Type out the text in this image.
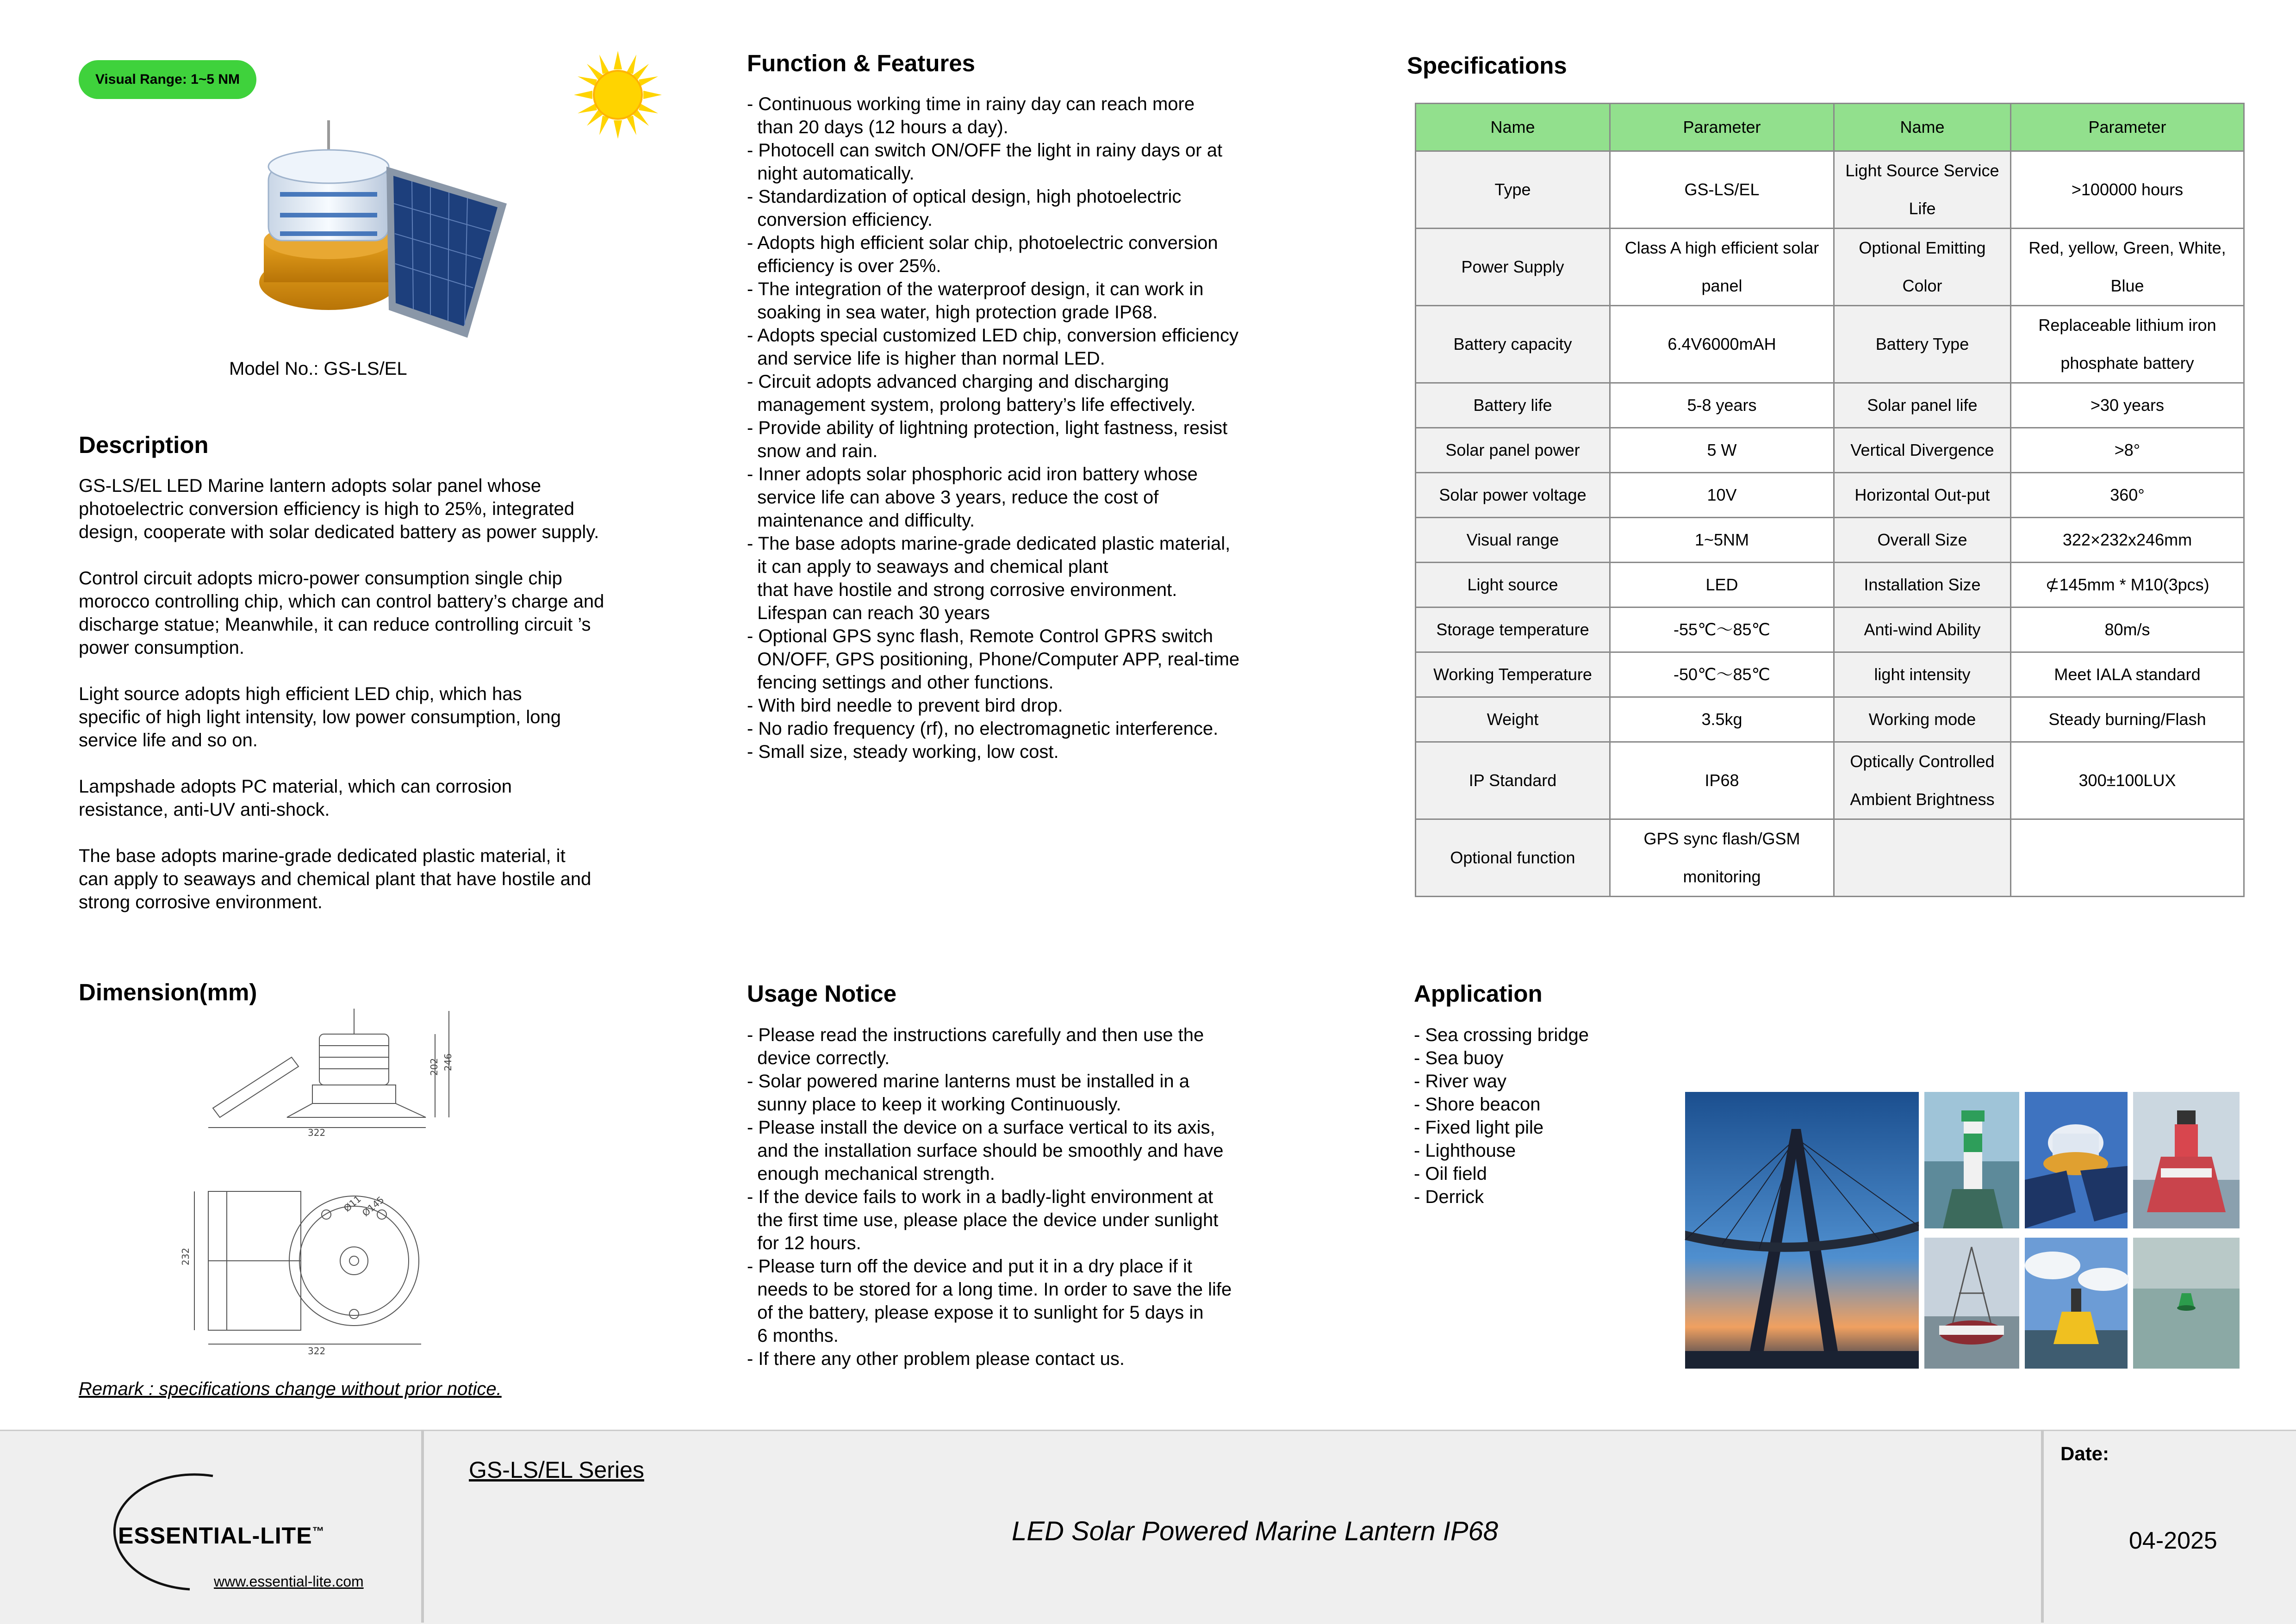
Visual Range: 1~5 NM
Model No.: GS-LS/EL
Description
GS-LS/EL LED Marine lantern adopts solar panel whose
photoelectric conversion efficiency is high to 25%, integrated
design, cooperate with solar dedicated battery as power supply.
Control circuit adopts micro-power consumption single chip
morocco controlling chip, which can control battery’s charge and
discharge statue; Meanwhile, it can reduce controlling circuit ’s
power consumption.
Light source adopts high efficient LED chip, which has
specific of high light intensity, low power consumption, long
service life and so on.
Lampshade adopts PC material, which can corrosion
resistance, anti-UV anti-shock.
The base adopts marine-grade dedicated plastic material, it
can apply to seaways and chemical plant that have hostile and
strong corrosive environment.
Function & Features
- Continuous working time in rainy day can reach more
than 20 days (12 hours a day).
- Photocell can switch ON/OFF the light in rainy days or at
night automatically.
- Standardization of optical design, high photoelectric
conversion efficiency.
- Adopts high efficient solar chip, photoelectric conversion
efficiency is over 25%.
- The integration of the waterproof design, it can work in
soaking in sea water, high protection grade IP68.
- Adopts special customized LED chip, conversion efficiency
and service life is higher than normal LED.
- Circuit adopts advanced charging and discharging
management system, prolong battery’s life effectively.
- Provide ability of lightning protection, light fastness, resist
snow and rain.
- Inner adopts solar phosphoric acid iron battery whose
service life can above 3 years, reduce the cost of
maintenance and difficulty.
- The base adopts marine-grade dedicated plastic material,
it can apply to seaways and chemical plant
that have hostile and strong corrosive environment.
Lifespan can reach 30 years
- Optional GPS sync flash, Remote Control GPRS switch
ON/OFF, GPS positioning, Phone/Computer APP, real-time
fencing settings and other functions.
- With bird needle to prevent bird drop.
- No radio frequency (rf), no electromagnetic interference.
- Small size, steady working, low cost.
Specifications
Name	Parameter	Name	Parameter
Type	GS-LS/EL	Light Source Service Life	>100000 hours
Power Supply	Class A high efficient solar panel	Optional Emitting Color	Red, yellow, Green, White, Blue
Battery capacity	6.4V6000mAH	Battery Type	Replaceable lithium iron phosphate battery
Battery life	5-8 years	Solar panel life	>30 years
Solar panel power	5 W	Vertical Divergence	>8°
Solar power voltage	10V	Horizontal Out-put	360°
Visual range	1~5NM	Overall Size	322×232x246mm
Light source	LED	Installation Size	⊄145mm * M10(3pcs)
Storage temperature	-55℃～85℃	Anti-wind Ability	80m/s
Working Temperature	-50℃～85℃	light intensity	Meet IALA standard
Weight	3.5kg	Working mode	Steady burning/Flash
IP Standard	IP68	Optically Controlled Ambient Brightness	300±100LUX
Optional function	GPS sync flash/GSM monitoring		
Dimension(mm)
322
202 246
322
232
Ø11
Ø145
Remark : specifications change without prior notice.
Usage Notice
- Please read the instructions carefully and then use the
device correctly.
- Solar powered marine lanterns must be installed in a
sunny place to keep it working Continuously.
- Please install the device on a surface vertical to its axis,
and the installation surface should be smoothly and have
enough mechanical strength.
- If the device fails to work in a badly-light environment at
the first time use, please place the device under sunlight
for 12 hours.
- Please turn off the device and put it in a dry place if it
needs to be stored for a long time. In order to save the life
of the battery, please expose it to sunlight for 5 days in
6 months.
- If there any other problem please contact us.
Application
- Sea crossing bridge
- Sea buoy
- River way
- Shore beacon
- Fixed light pile
- Lighthouse
- Oil field
- Derrick
ESSENTIAL-LITE™
www.essential-lite.com
GS-LS/EL Series
LED Solar Powered Marine Lantern IP68
Date:
04-2025
